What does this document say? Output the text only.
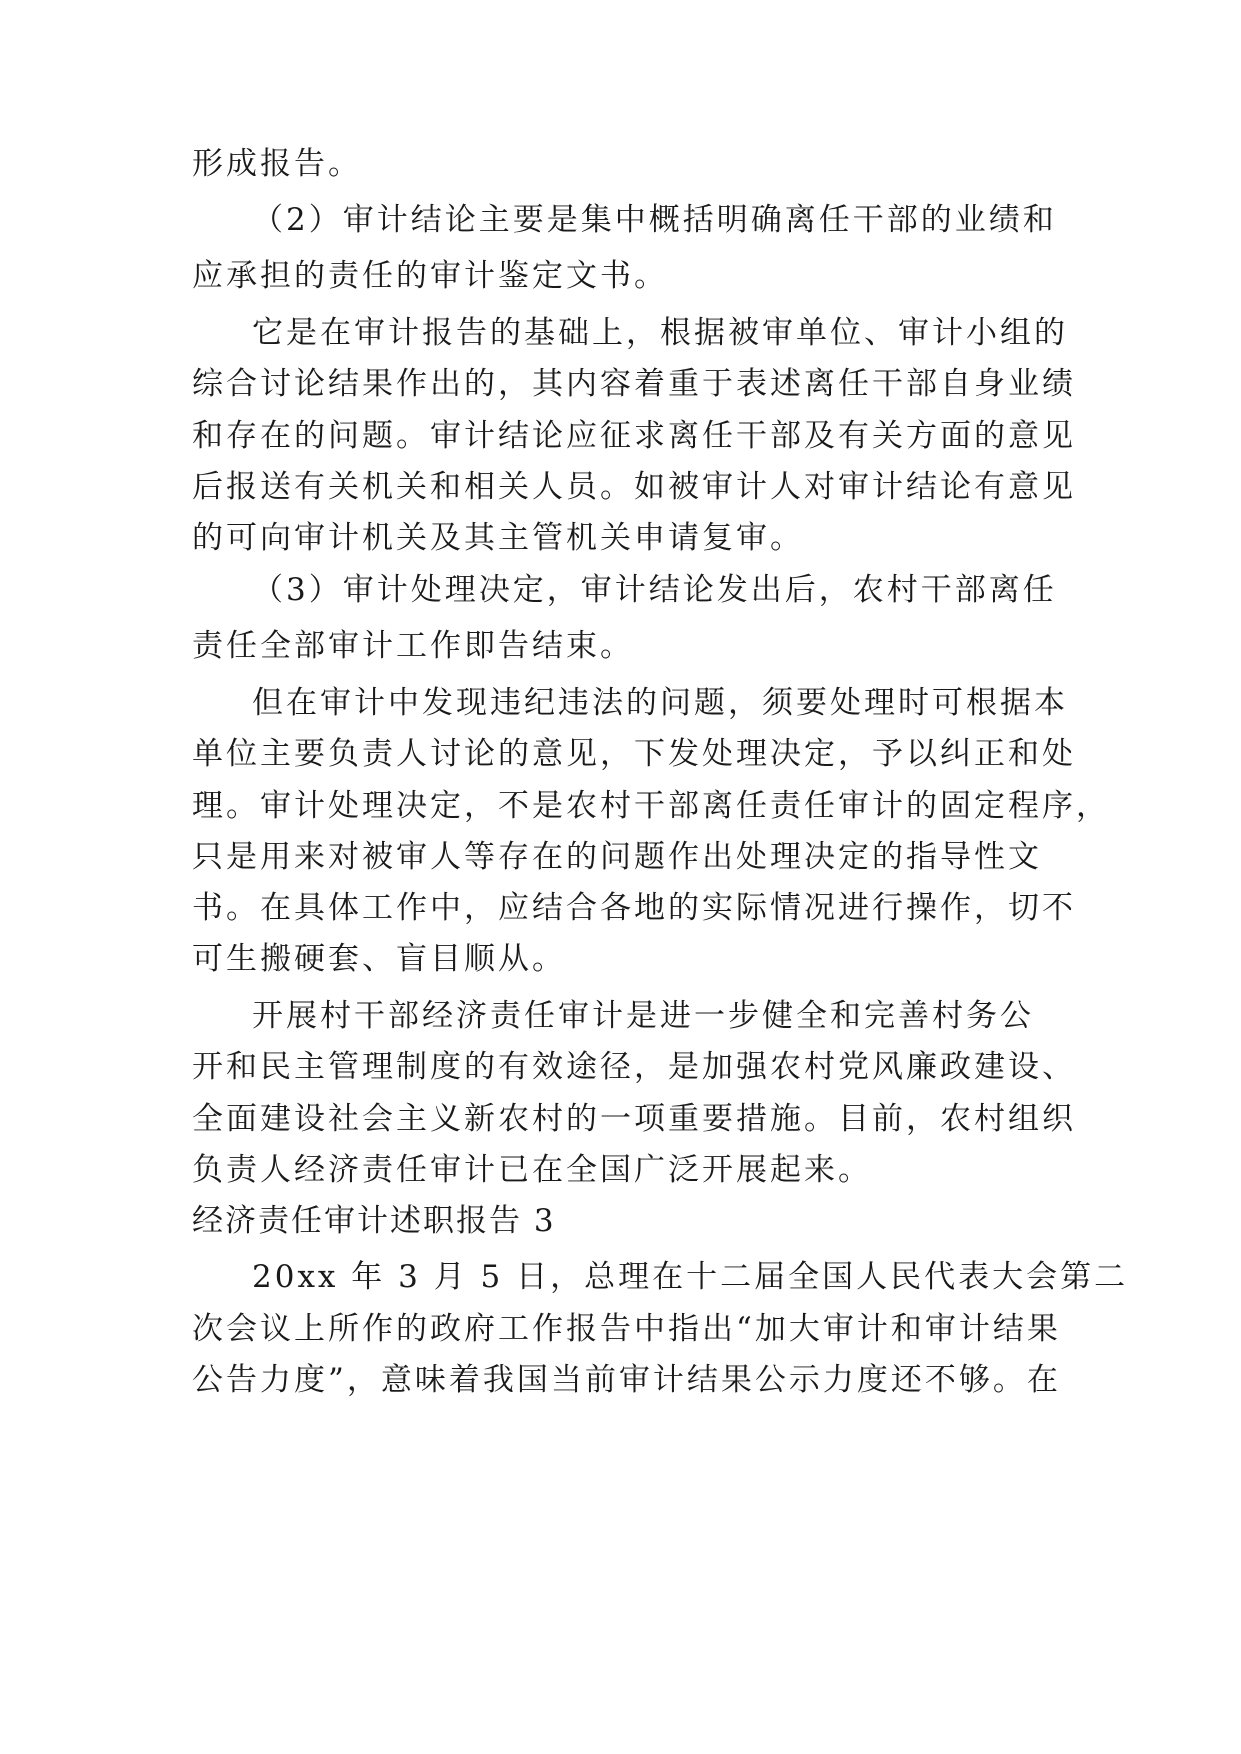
形成报告。
（2）审计结论主要是集中概括明确离任干部的业绩和
应承担的责任的审计鉴定文书。
它是在审计报告的基础上，根据被审单位、审计小组的
综合讨论结果作出的，其内容着重于表述离任干部自身业绩
和存在的问题。审计结论应征求离任干部及有关方面的意见
后报送有关机关和相关人员。如被审计人对审计结论有意见
的可向审计机关及其主管机关申请复审。
（3）审计处理决定，审计结论发出后，农村干部离任
责任全部审计工作即告结束。
但在审计中发现违纪违法的问题，须要处理时可根据本
单位主要负责人讨论的意见，下发处理决定，予以纠正和处
理。审计处理决定，不是农村干部离任责任审计的固定程序，
只是用来对被审人等存在的问题作出处理决定的指导性文
书。在具体工作中，应结合各地的实际情况进行操作，切不
可生搬硬套、盲目顺从。
开展村干部经济责任审计是进一步健全和完善村务公
开和民主管理制度的有效途径，是加强农村党风廉政建设、
全面建设社会主义新农村的一项重要措施。目前，农村组织
负责人经济责任审计已在全国广泛开展起来。
经济责任审计述职报告 3
20xx 年 3 月 5 日，总理在十二届全国人民代表大会第二
次会议上所作的政府工作报告中指出“加大审计和审计结果
公告力度”，意味着我国当前审计结果公示力度还不够。在
